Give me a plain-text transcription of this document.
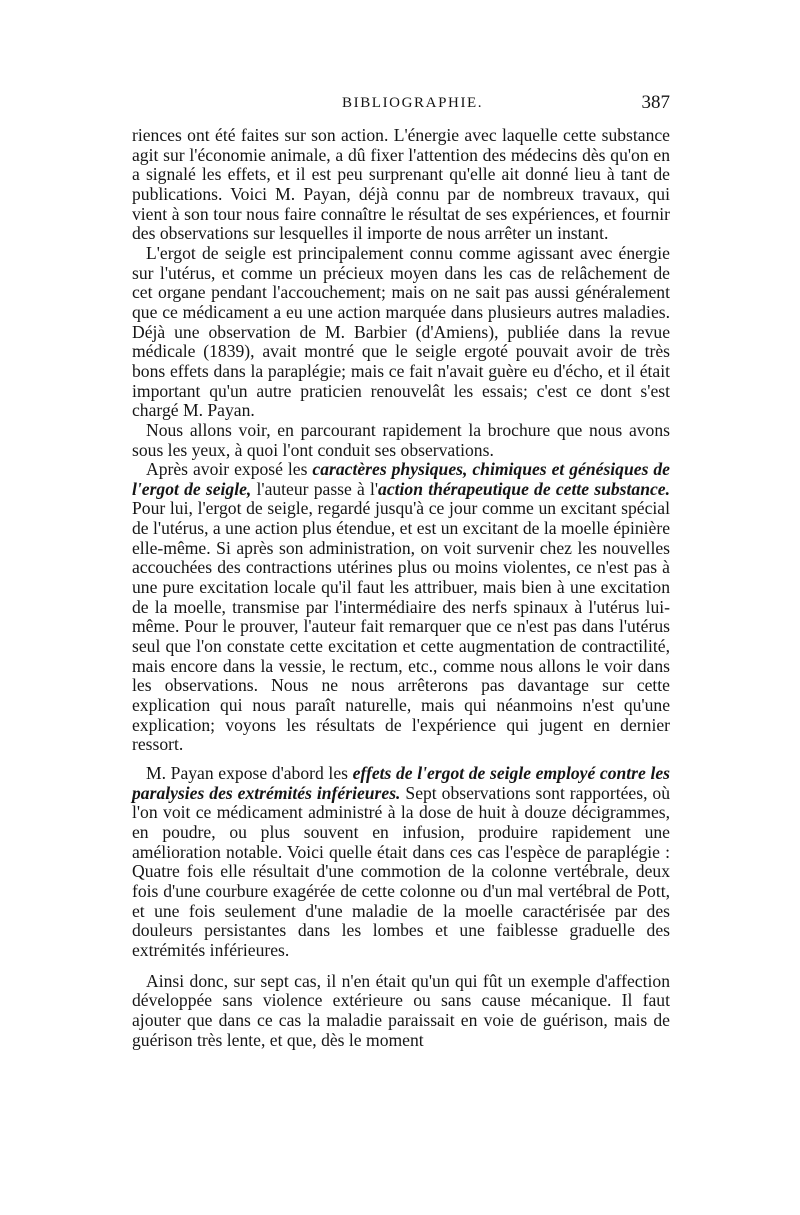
BIBLIOGRAPHIE.	387

riences ont été faites sur son action. L'énergie avec laquelle cette substance agit sur l'économie animale, a dû fixer l'attention des médecins dès qu'on en a signalé les effets, et il est peu surprenant qu'elle ait donné lieu à tant de publications. Voici M. Payan, déjà connu par de nombreux travaux, qui vient à son tour nous faire connaître le résultat de ses expériences, et fournir des observations sur lesquelles il importe de nous arrêter un instant.

L'ergot de seigle est principalement connu comme agissant avec énergie sur l'utérus, et comme un précieux moyen dans les cas de relâchement de cet organe pendant l'accouchement; mais on ne sait pas aussi généralement que ce médicament a eu une action marquée dans plusieurs autres maladies. Déjà une observation de M. Barbier (d'Amiens), publiée dans la revue médicale (1839), avait montré que le seigle ergoté pouvait avoir de très bons effets dans la paraplégie; mais ce fait n'avait guère eu d'écho, et il était important qu'un autre praticien renouvelât les essais; c'est ce dont s'est chargé M. Payan.

Nous allons voir, en parcourant rapidement la brochure que nous avons sous les yeux, à quoi l'ont conduit ses observations.

Après avoir exposé les caractères physiques, chimiques et génésiques de l'ergot de seigle, l'auteur passe à l'action thérapeutique de cette substance. Pour lui, l'ergot de seigle, regardé jusqu'à ce jour comme un excitant spécial de l'utérus, a une action plus étendue, et est un excitant de la moelle épinière elle-même. Si après son administration, on voit survenir chez les nouvelles accouchées des contractions utérines plus ou moins violentes, ce n'est pas à une pure excitation locale qu'il faut les attribuer, mais bien à une excitation de la moelle, transmise par l'intermédiaire des nerfs spinaux à l'utérus lui-même. Pour le prouver, l'auteur fait remarquer que ce n'est pas dans l'utérus seul que l'on constate cette excitation et cette augmentation de contractilité, mais encore dans la vessie, le rectum, etc., comme nous allons le voir dans les observations. Nous ne nous arrêterons pas davantage sur cette explication qui nous paraît naturelle, mais qui néanmoins n'est qu'une explication; voyons les résultats de l'expérience qui jugent en dernier ressort.

M. Payan expose d'abord les effets de l'ergot de seigle employé contre les paralysies des extrémités inférieures. Sept observations sont rapportées, où l'on voit ce médicament administré à la dose de huit à douze décigrammes, en poudre, ou plus souvent en infusion, produire rapidement une amélioration notable. Voici quelle était dans ces cas l'espèce de paraplégie : Quatre fois elle résultait d'une commotion de la colonne vertébrale, deux fois d'une courbure exagérée de cette colonne ou d'un mal vertébral de Pott, et une fois seulement d'une maladie de la moelle caractérisée par des douleurs persistantes dans les lombes et une faiblesse graduelle des extrémités inférieures.

Ainsi donc, sur sept cas, il n'en était qu'un qui fût un exemple d'affection développée sans violence extérieure ou sans cause mécanique. Il faut ajouter que dans ce cas la maladie paraissait en voie de guérison, mais de guérison très lente, et que, dès le moment
